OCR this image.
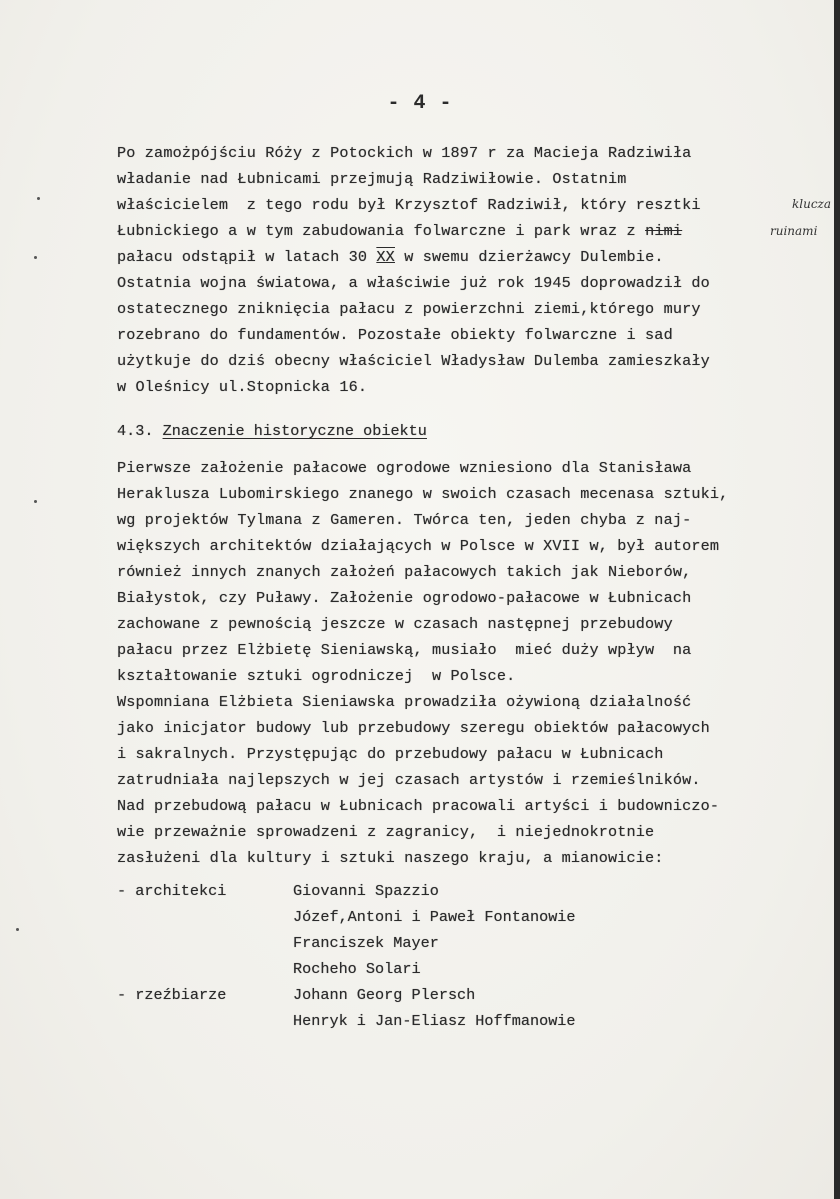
- 4 -
Po zamożpójściu Róży z Potockich w 1897 r za Macieja Radziwiła
władanie nad Łubnicami przejmują Radziwiłowie. Ostatnim
właścicielem  z tego rodu był Krzysztof Radziwił, który resztki
Łubnickiego a w tym zabudowania folwarczne i park wraz z nimi
pałacu odstąpił w latach 30 XX w swemu dzierżawcy Dulembie.
Ostatnia wojna światowa, a właściwie już rok 1945 doprowadził do
ostatecznego zniknięcia pałacu z powierzchni ziemi,którego mury
rozebrano do fundamentów. Pozostałe obiekty folwarczne i sad
użytkuje do dziś obecny właściciel Władysław Dulemba zamieszkały
w Oleśnicy ul.Stopnicka 16.
klucza
ruinami
4.3. Znaczenie historyczne obiektu
Pierwsze założenie pałacowe ogrodowe wzniesiono dla Stanisława
Heraklusza Lubomirskiego znanego w swoich czasach mecenasa sztuki,
wg projektów Tylmana z Gameren. Twórca ten, jeden chyba z naj-
większych architektów działających w Polsce w XVII w, był autorem
również innych znanych założeń pałacowych takich jak Nieborów,
Białystok, czy Puławy. Założenie ogrodowo-pałacowe w Łubnicach
zachowane z pewnością jeszcze w czasach następnej przebudowy
pałacu przez Elżbietę Sieniawską, musiało  mieć duży wpływ  na
kształtowanie sztuki ogrodniczej  w Polsce.
Wspomniana Elżbieta Sieniawska prowadziła ożywioną działalność
jako inicjator budowy lub przebudowy szeregu obiektów pałacowych
i sakralnych. Przystępując do przebudowy pałacu w Łubnicach
zatrudniała najlepszych w jej czasach artystów i rzemieślników.
Nad przebudową pałacu w Łubnicach pracowali artyści i budowniczo-
wie przeważnie sprowadzeni z zagranicy,  i niejednokrotnie
zasłużeni dla kultury i sztuki naszego kraju, a mianowicie:
- architekci	Giovanni Spazzio
Józef,Antoni i Paweł Fontanowie
Franciszek Mayer
Rocheho Solari
- rzeźbiarze	Johann Georg Plersch
Henryk i Jan-Eliasz Hoffmanowie
